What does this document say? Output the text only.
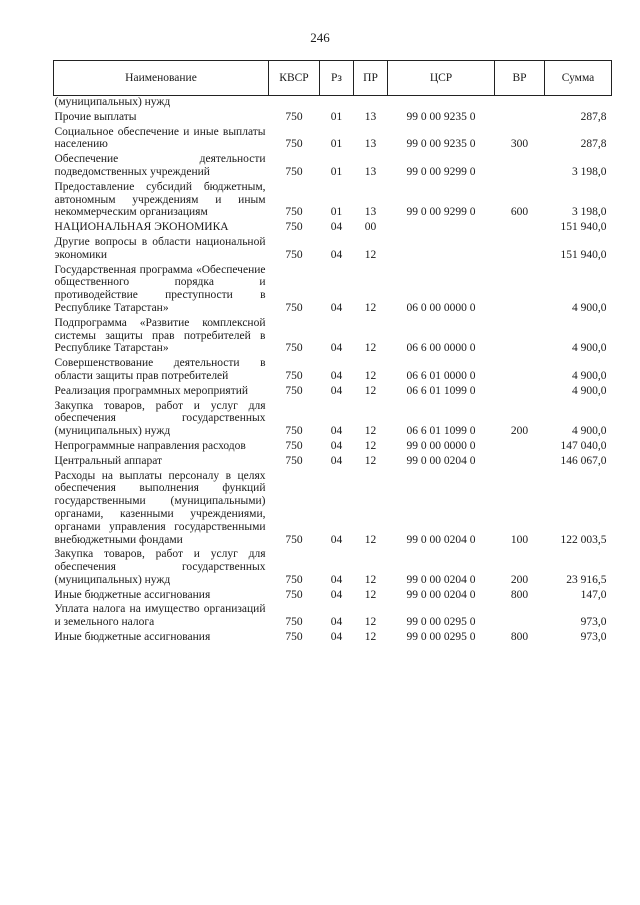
246
Наименование	КВСР	Рз	ПР	ЦСР	ВР	Сумма
(муниципальных) нужд						
Прочие выплаты	750	01	13	99 0 00 9235 0		287,8
Социальное обеспечение и иные выплаты населению	750	01	13	99 0 00 9235 0	300	287,8
Обеспечение деятельности подведомственных учреждений	750	01	13	99 0 00 9299 0		3 198,0
Предоставление субсидий бюджетным, автономным учреждениям и иным некоммерческим организациям	750	01	13	99 0 00 9299 0	600	3 198,0
НАЦИОНАЛЬНАЯ ЭКОНОМИКА	750	04	00			151 940,0
Другие вопросы в области национальной экономики	750	04	12			151 940,0
Государственная программа «Обеспечение общественного порядка и противодействие преступности в Республике Татарстан»	750	04	12	06 0 00 0000 0		4 900,0
Подпрограмма «Развитие комплексной системы защиты прав потребителей в Республике Татарстан»	750	04	12	06 6 00 0000 0		4 900,0
Совершенствование деятельности в области защиты прав потребителей	750	04	12	06 6 01 0000 0		4 900,0
Реализация программных мероприятий	750	04	12	06 6 01 1099 0		4 900,0
Закупка товаров, работ и услуг для обеспечения государственных (муниципальных) нужд	750	04	12	06 6 01 1099 0	200	4 900,0
Непрограммные направления расходов	750	04	12	99 0 00 0000 0		147 040,0
Центральный аппарат	750	04	12	99 0 00 0204 0		146 067,0
Расходы на выплаты персоналу в целях обеспечения выполнения функций государственными (муниципальными) органами, казенными учреждениями, органами управления государственными внебюджетными фондами	750	04	12	99 0 00 0204 0	100	122 003,5
Закупка товаров, работ и услуг для обеспечения государственных (муниципальных) нужд	750	04	12	99 0 00 0204 0	200	23 916,5
Иные бюджетные ассигнования	750	04	12	99 0 00 0204 0	800	147,0
Уплата налога на имущество организаций и земельного налога	750	04	12	99 0 00 0295 0		973,0
Иные бюджетные ассигнования	750	04	12	99 0 00 0295 0	800	973,0
